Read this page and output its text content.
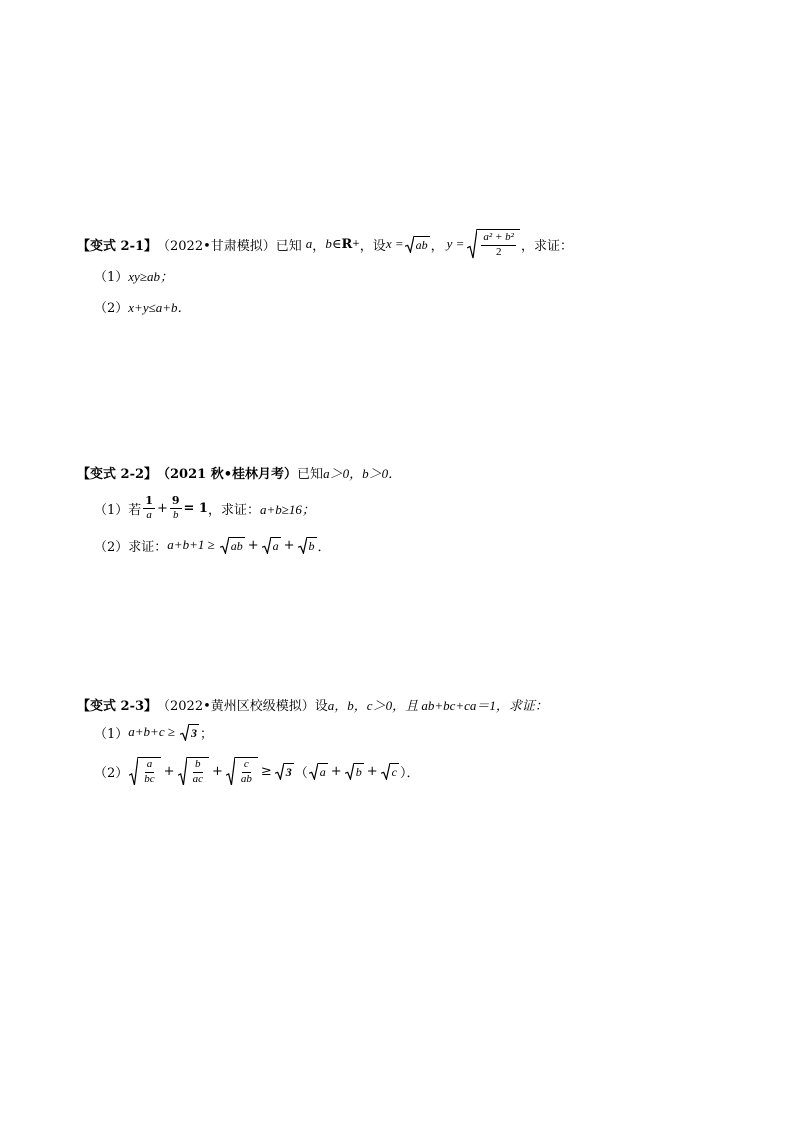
【变式 2-1】 （2022•甘肃模拟） 已知 a ， b ∈ R + ，设 x = ab ， $y = \frac{\text{a² + b²}}{2}$ ，求证：
（1） xy≥ab；
（2） x+y≤a+b．
【变式 2-2】 （2021 秋•桂林月考） 已知 a＞0，b＞0．
（1） 若 $\frac{1}{a} + \frac{9}{b} = 1$ ，求证： a+b≥16；
（2） 求证： a+b+1 ≥ ab + a + b ．
【变式 2-3】 （2022•黄州区校级模拟） 设 a，b，c＞0，且 ab+bc+ca＝1，求证：
（1） a+b+c ≥ 3 ；
$(2) \frac{a}{bc} + \frac{b}{ac} + \frac{c}{ab} \ge 3$ （ a + b + c ）．
